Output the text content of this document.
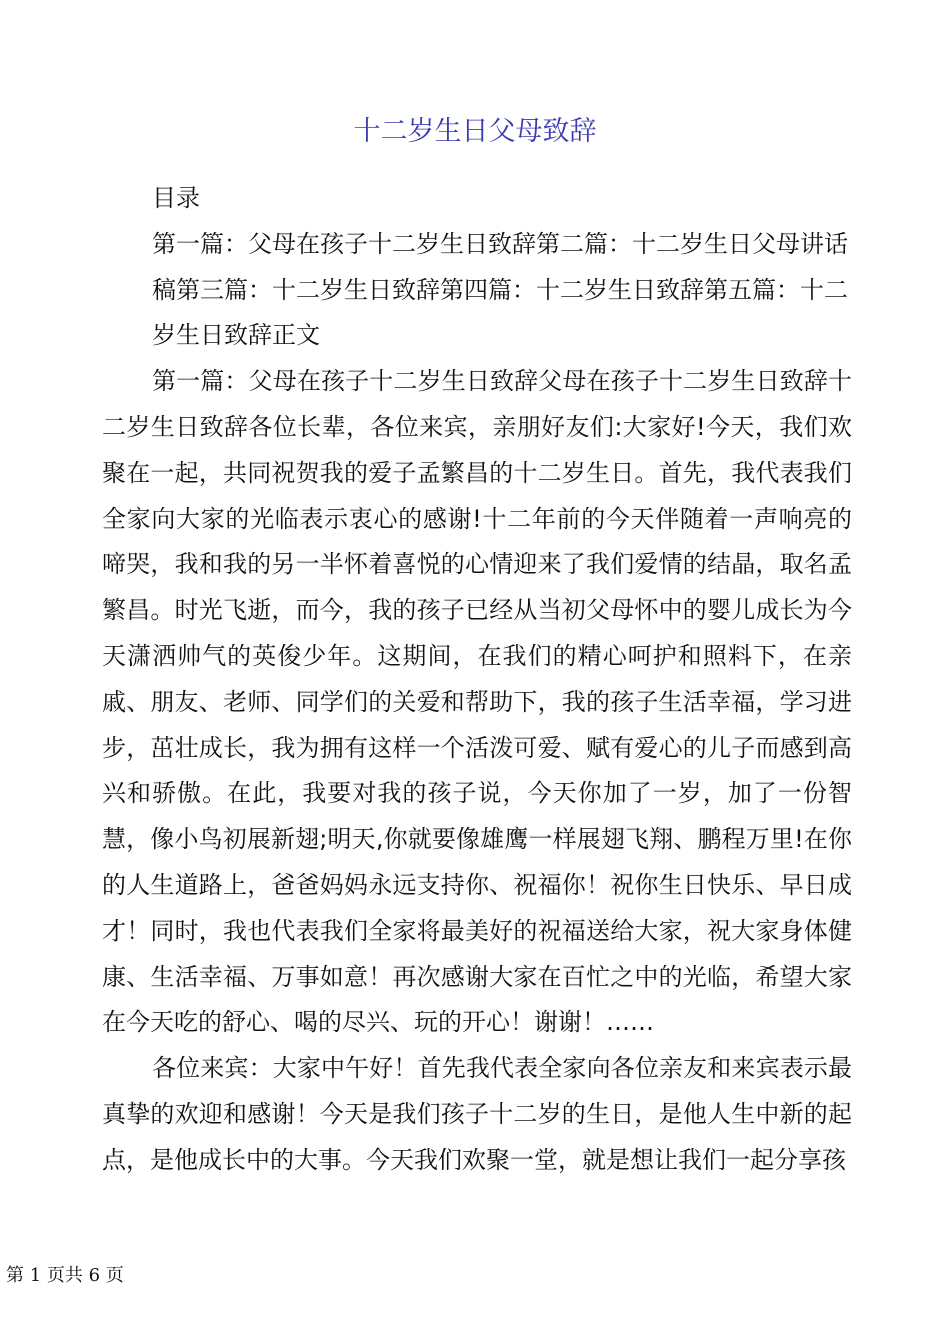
十二岁生日父母致辞

目录

第一篇：父母在孩子十二岁生日致辞第二篇：十二岁生日父母讲话稿第三篇：十二岁生日致辞第四篇：十二岁生日致辞第五篇：十二岁生日致辞正文

第一篇：父母在孩子十二岁生日致辞父母在孩子十二岁生日致辞十二岁生日致辞各位长辈，各位来宾，亲朋好友们:大家好!今天，我们欢聚在一起，共同祝贺我的爱子孟繁昌的十二岁生日。首先，我代表我们全家向大家的光临表示衷心的感谢!十二年前的今天伴随着一声响亮的啼哭，我和我的另一半怀着喜悦的心情迎来了我们爱情的结晶，取名孟繁昌。时光飞逝，而今，我的孩子已经从当初父母怀中的婴儿成长为今天潇洒帅气的英俊少年。这期间，在我们的精心呵护和照料下，在亲戚、朋友、老师、同学们的关爱和帮助下，我的孩子生活幸福，学习进步，茁壮成长，我为拥有这样一个活泼可爱、赋有爱心的儿子而感到高兴和骄傲。在此，我要对我的孩子说，今天你加了一岁，加了一份智慧，像小鸟初展新翅;明天,你就要像雄鹰一样展翅飞翔、鹏程万里!在你的人生道路上，爸爸妈妈永远支持你、祝福你！祝你生日快乐、早日成才！同时，我也代表我们全家将最美好的祝福送给大家，祝大家身体健康、生活幸福、万事如意！再次感谢大家在百忙之中的光临，希望大家在今天吃的舒心、喝的尽兴、玩的开心！谢谢！……

各位来宾：大家中午好！首先我代表全家向各位亲友和来宾表示最真挚的欢迎和感谢！今天是我们孩子十二岁的生日，是他人生中新的起点，是他成长中的大事。今天我们欢聚一堂，就是想让我们一起分享孩

第 1 页共 6 页
